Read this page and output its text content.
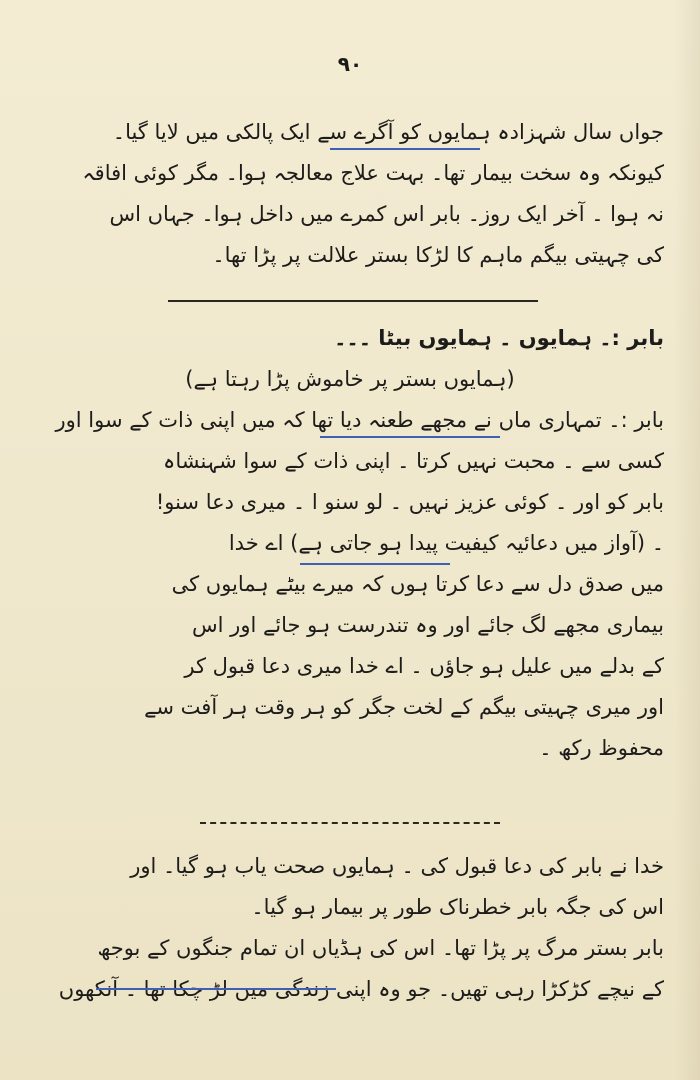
۹۰

جواں سال شہزادہ ہمایوں کو آگرے سے ایک پالکی میں لایا گیا۔

کیونکہ وہ سخت بیمار تھا۔ بہت علاج معالجہ ہوا۔ مگر کوئی افاقہ

نہ ہوا ۔ آخر ایک روز۔ بابر اس کمرے میں داخل ہوا۔ جہاں اس

کی چہیتی بیگم ماہم کا لڑکا بستر علالت پر پڑا تھا۔

بابر :۔ ہمایوں ۔ ہمایوں بیٹا ۔۔۔

(ہمایوں بستر پر خاموش پڑا رہتا ہے)

بابر :۔ تمہاری ماں نے مجھے طعنہ دیا تھا کہ میں اپنی ذات کے سوا اور

کسی سے ۔ محبت نہیں کرتا ۔ اپنی ذات کے سوا شہنشاہ

بابر کو اور ۔ کوئی عزیز نہیں ۔ لو سنو ا ۔ میری دعا سنو!

۔ (آواز میں دعائیہ کیفیت پیدا ہو جاتی ہے) اے خدا

میں صدق دل سے دعا کرتا ہوں کہ میرے بیٹے ہمایوں کی

بیماری مجھے لگ جائے اور وہ تندرست ہو جائے اور اس

کے بدلے میں علیل ہو جاؤں ۔ اے خدا میری دعا قبول کر

اور میری چہیتی بیگم کے لخت جگر کو ہر وقت ہر آفت سے

محفوظ رکھ ۔

خدا نے بابر کی دعا قبول کی ۔ ہمایوں صحت یاب ہو گیا۔ اور

اس کی جگہ بابر خطرناک طور پر بیمار ہو گیا۔

بابر بستر مرگ پر پڑا تھا۔ اس کی ہڈیاں ان تمام جنگوں کے بوجھ

کے نیچے کڑکڑا رہی تھیں۔ جو وہ اپنی زندگی میں لڑ چکا تھا ۔ آنکھوں
